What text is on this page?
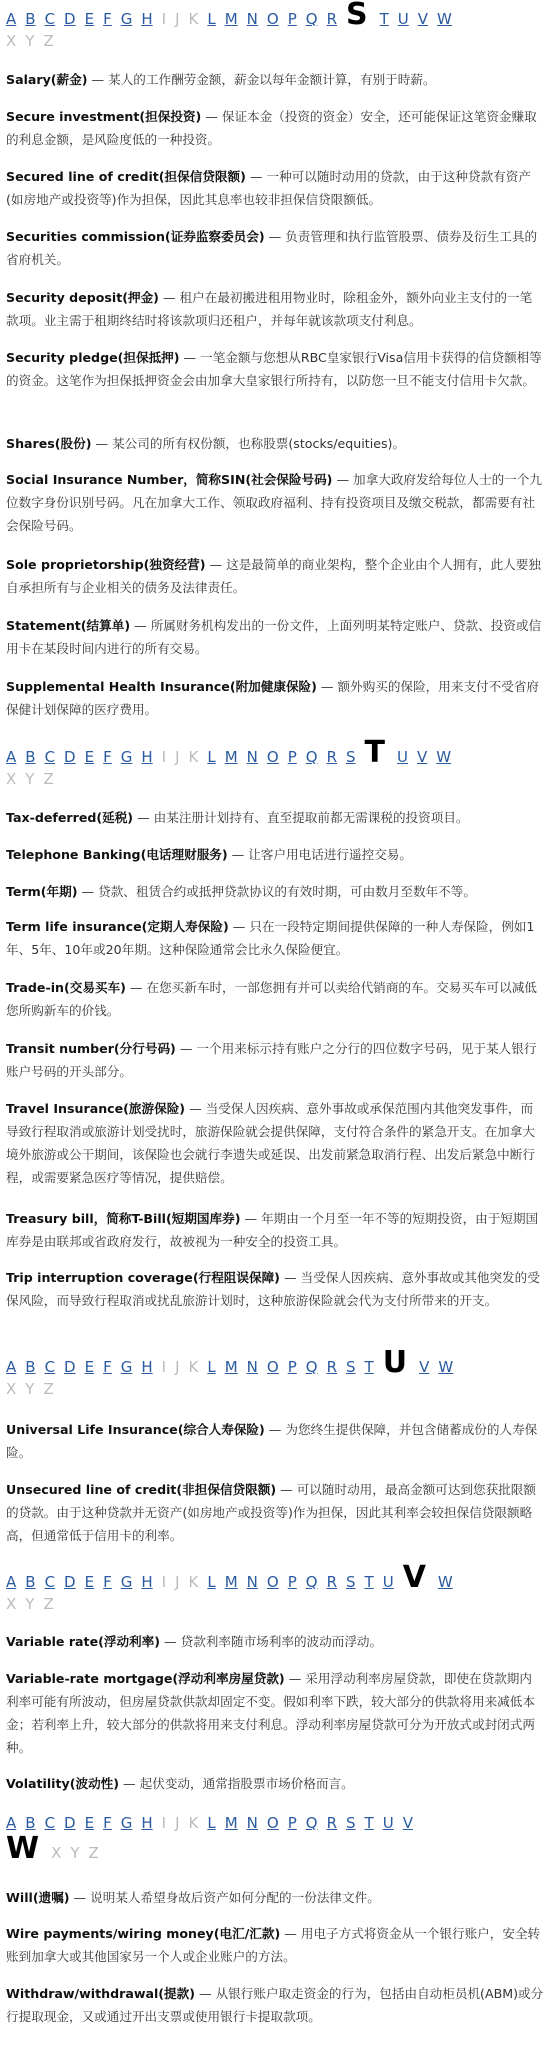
A B C D E F G H I J K L M N O P Q R S T U V W
X Y Z
Salary(薪金) — 某人的工作酬劳金额，薪金以每年金额计算，有别于時薪。
Secure investment(担保投资) — 保证本金（投资的资金）安全，还可能保证这笔资金赚取的利息金额，是风险度低的一种投资。
Secured line of credit(担保信贷限额) — 一种可以随时动用的贷款，由于这种贷款有资产(如房地产或投资等)作为担保，因此其息率也较非担保信贷限额低。
Securities commission(证券监察委员会) — 负责管理和执行监管股票、债券及衍生工具的省府机关。
Security deposit(押金) — 租户在最初搬进租用物业时，除租金外，额外向业主支付的一笔款项。业主需于租期终结时将该款项归还租户，并每年就该款项支付利息。
Security pledge(担保抵押) — 一笔金额与您想从RBC皇家银行Visa信用卡获得的信贷额相等的资金。这笔作为担保抵押资金会由加拿大皇家银行所持有，以防您一旦不能支付信用卡欠款。
Shares(股份) — 某公司的所有权份额，也称股票(stocks/equities)。
Social Insurance Number，简称SIN(社会保险号码) — 加拿大政府发给每位人士的一个九位数字身份识别号码。凡在加拿大工作、领取政府福利、持有投资项目及缴交税款，都需要有社会保险号码。
Sole proprietorship(独资经营) — 这是最简单的商业架构，整个企业由个人拥有，此人要独自承担所有与企业相关的债务及法律责任。
Statement(结算单) — 所属财务机构发出的一份文件，上面列明某特定账户、贷款、投资或信用卡在某段时间内进行的所有交易。
Supplemental Health Insurance(附加健康保险) — 额外购买的保险，用来支付不受省府保健计划保障的医疗费用。
A B C D E F G H I J K L M N O P Q R S T U V W
X Y Z
Tax-deferred(延税) — 由某注册计划持有、直至提取前都无需课税的投资项目。
Telephone Banking(电话理财服务) — 让客户用电话进行遥控交易。
Term(年期) — 贷款、租赁合约或抵押贷款协议的有效时期，可由数月至数年不等。
Term life insurance(定期人寿保险) — 只在一段特定期间提供保障的一种人寿保险，例如1年、5年、10年或20年期。这种保险通常会比永久保险便宜。
Trade-in(交易买车) — 在您买新车时，一部您拥有并可以卖给代销商的车。交易买车可以减低您所购新车的价钱。
Transit number(分行号码) — 一个用来标示持有账户之分行的四位数字号码，见于某人银行账户号码的开头部分。
Travel Insurance(旅游保险) — 当受保人因疾病、意外事故或承保范围内其他突发事件，而导致行程取消或旅游计划受扰时，旅游保险就会提供保障，支付符合条件的紧急开支。在加拿大境外旅游或公干期间，该保险也会就行李遗失或延误、出发前紧急取消行程、出发后紧急中断行程，或需要紧急医疗等情况，提供赔偿。
Treasury bill，简称T-Bill(短期国库券) — 年期由一个月至一年不等的短期投资，由于短期国库券是由联邦或省政府发行，故被视为一种安全的投资工具。
Trip interruption coverage(行程阻误保障) — 当受保人因疾病、意外事故或其他突发的受保风险，而导致行程取消或扰乱旅游计划时，这种旅游保险就会代为支付所带来的开支。
A B C D E F G H I J K L M N O P Q R S T U V W
X Y Z
Universal Life Insurance(综合人寿保险) — 为您终生提供保障，并包含储蓄成份的人寿保险。
Unsecured line of credit(非担保信贷限额) — 可以随时动用，最高金额可达到您获批限额的贷款。由于这种贷款并无资产(如房地产或投资等)作为担保，因此其利率会较担保信贷限额略高，但通常低于信用卡的利率。
A B C D E F G H I J K L M N O P Q R S T U V W
X Y Z
Variable rate(浮动利率) — 贷款利率随市场利率的波动而浮动。
Variable-rate mortgage(浮动利率房屋贷款) — 采用浮动利率房屋贷款，即使在贷款期内利率可能有所波动，但房屋贷款供款却固定不变。假如利率下跌，较大部分的供款将用来减低本金；若利率上升，较大部分的供款将用来支付利息。浮动利率房屋贷款可分为开放式或封闭式两种。
Volatility(波动性) — 起伏变动，通常指股票市场价格而言。
A B C D E F G H I J K L M N O P Q R S T U V
W X Y Z
Will(遗嘱) — 说明某人希望身故后资产如何分配的一份法律文件。
Wire payments/wiring money(电汇/汇款) — 用电子方式将资金从一个银行账户，安全转账到加拿大或其他国家另一个人或企业账户的方法。
Withdraw/withdrawal(提款) — 从银行账户取走资金的行为，包括由自动柜员机(ABM)或分行提取现金，又或通过开出支票或使用银行卡提取款项。
